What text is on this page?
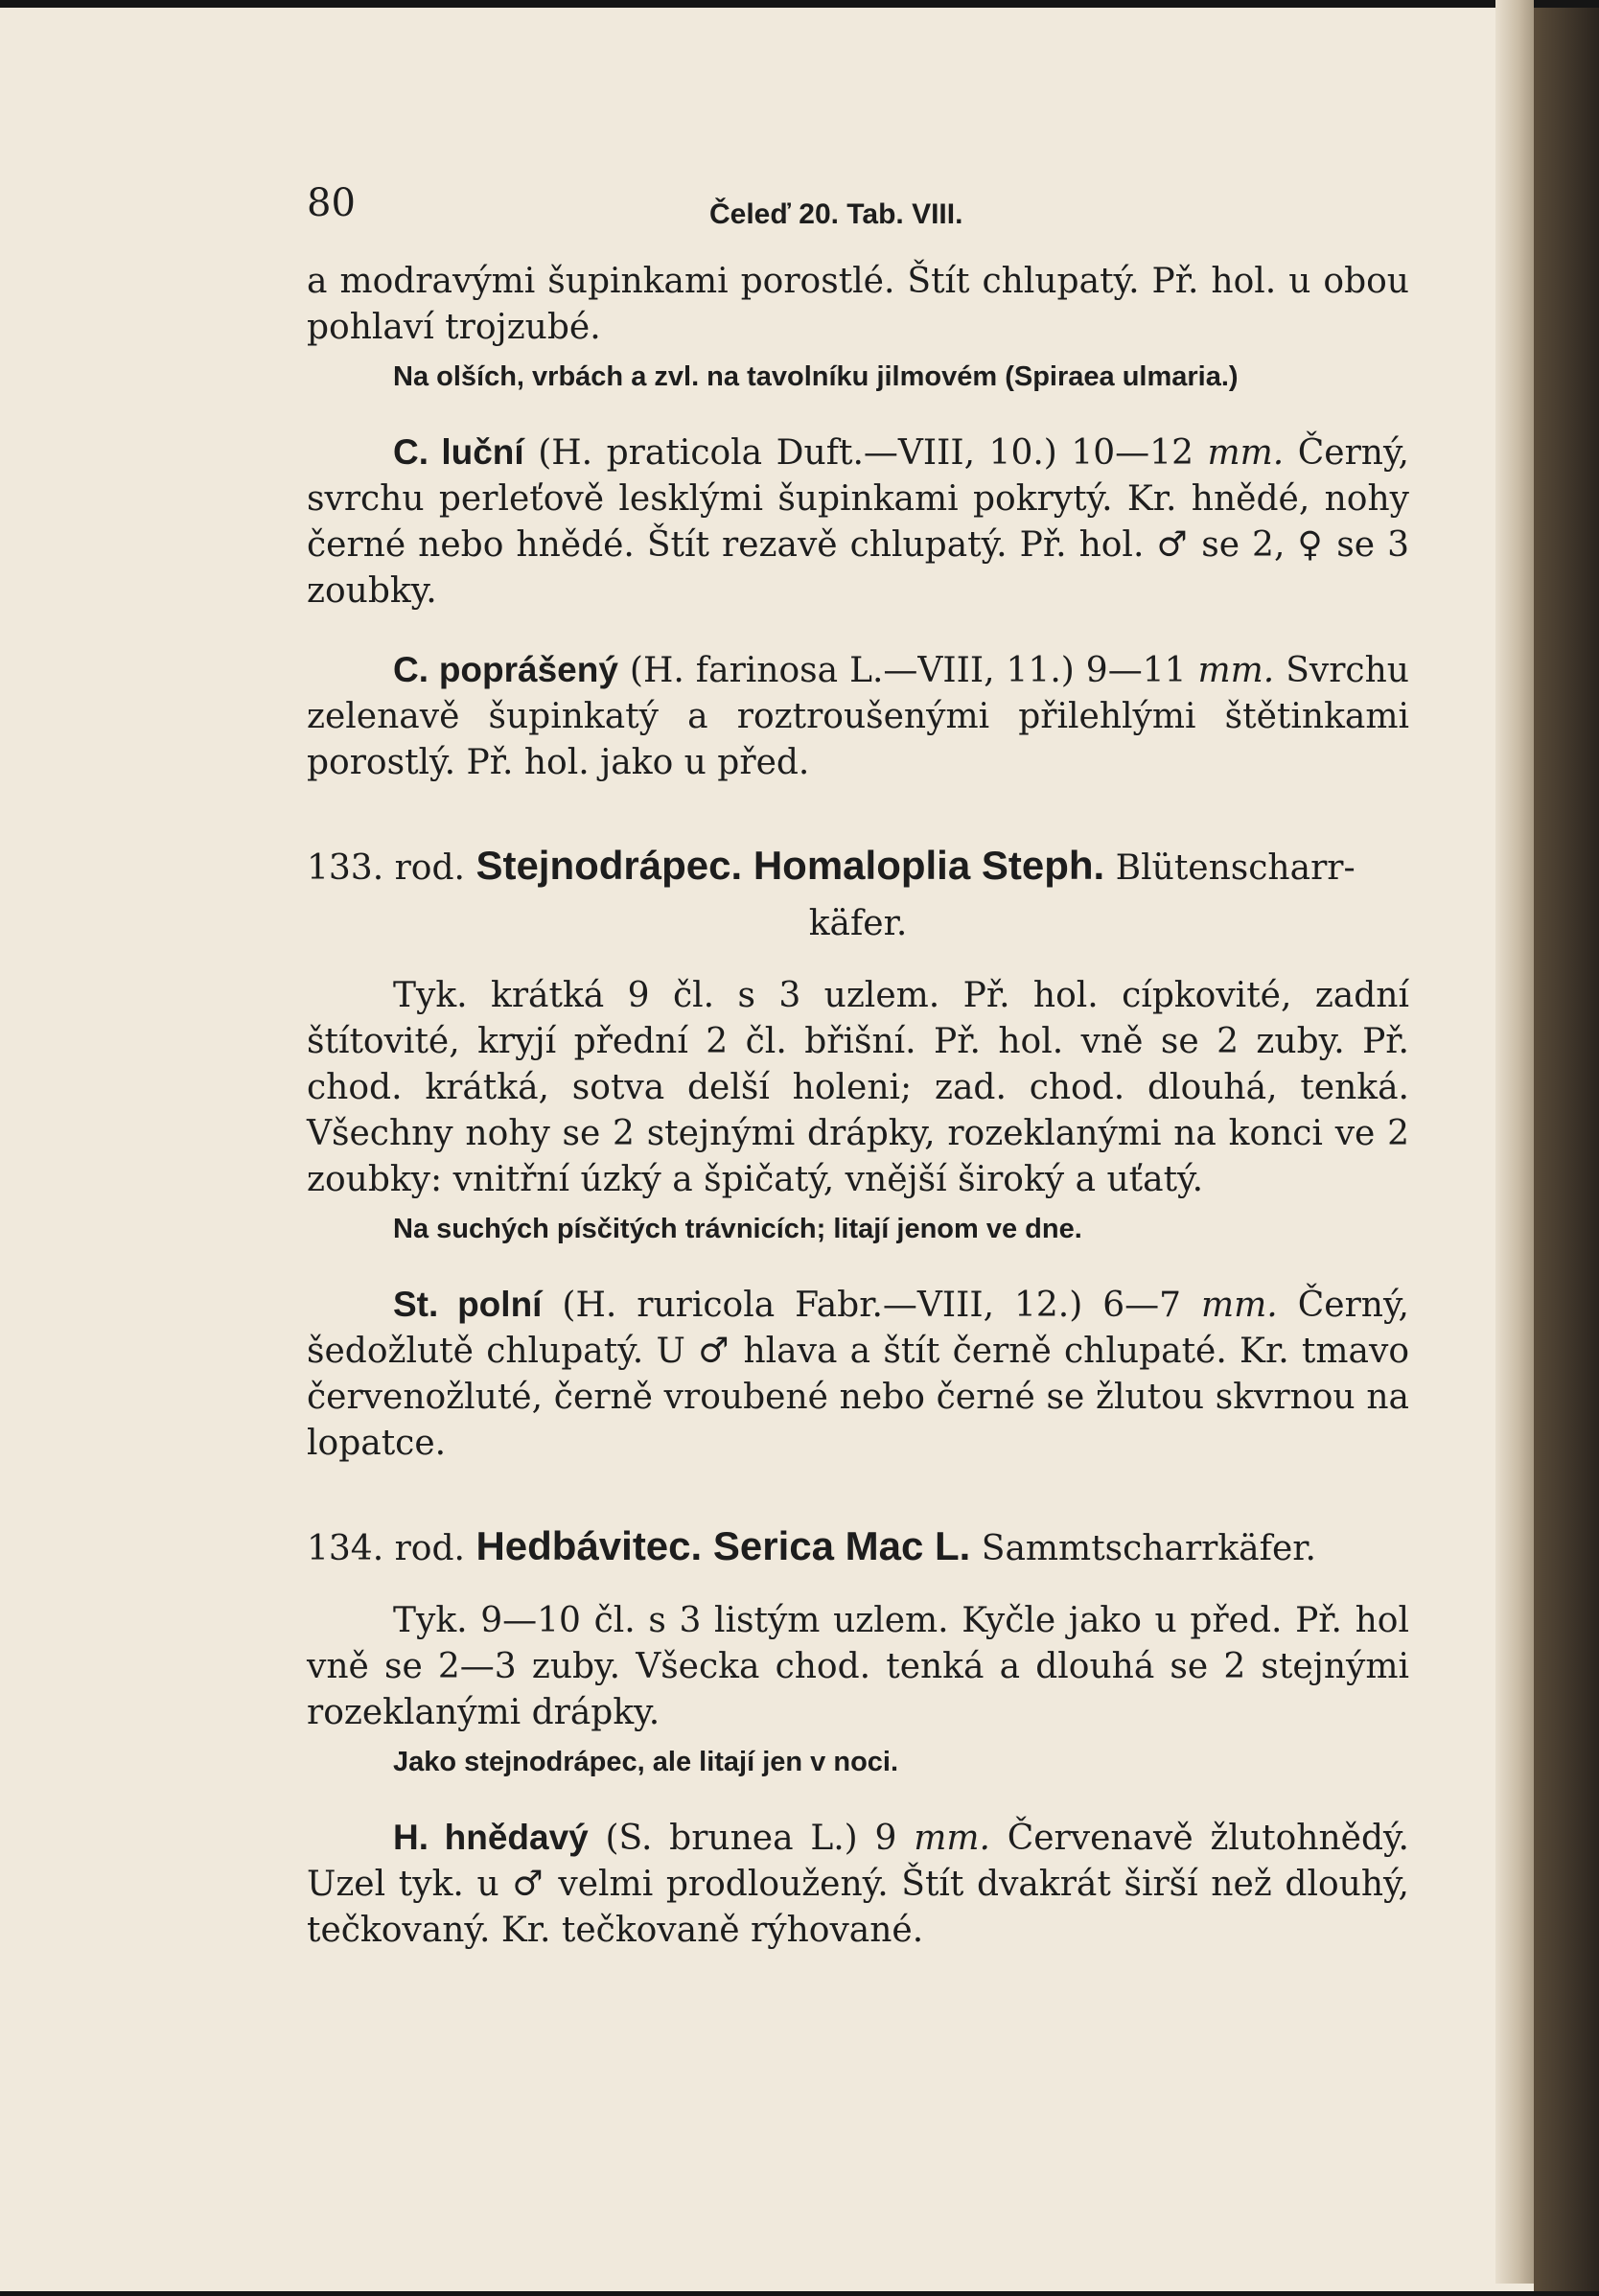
80	Čeleď 20. Tab. VIII.

a modravými šupinkami porostlé. Štít chlupatý. Př. hol. u obou pohlaví trojzubé.

Na olších, vrbách a zvl. na tavolníku jilmovém (Spiraea ulmaria.)

C. luční (H. praticola Duft.—VIII, 10.) 10—12 mm. Černý, svrchu perleťově lesklými šupinkami pokrytý. Kr. hnědé, nohy černé nebo hnědé. Štít rezavě chlupatý. Př. hol. ♂ se 2, ♀ se 3 zoubky.

C. poprášený (H. farinosa L.—VIII, 11.) 9—11 mm. Svrchu zelenavě šupinkatý a roztroušenými přilehlými štětinkami porostlý. Př. hol. jako u před.

133. rod. Stejnodrápec. Homaloplia Steph. Blütenscharr-

käfer.

Tyk. krátká 9 čl. s 3 uzlem. Př. hol. cípkovité, zadní štítovité, kryjí přední 2 čl. břišní. Př. hol. vně se 2 zuby. Př. chod. krátká, sotva delší holeni; zad. chod. dlouhá, tenká. Všechny nohy se 2 stejnými drápky, rozeklanými na konci ve 2 zoubky: vnitřní úzký a špičatý, vnější široký a uťatý.

Na suchých písčitých trávnicích; litají jenom ve dne.

St. polní (H. ruricola Fabr.—VIII, 12.) 6—7 mm. Černý, šedožlutě chlupatý. U ♂ hlava a štít černě chlupaté. Kr. tmavo červenožluté, černě vroubené nebo černé se žlutou skvrnou na lopatce.

134. rod. Hedbávitec. Serica Mac L. Sammtscharrkäfer.

Tyk. 9—10 čl. s 3 listým uzlem. Kyčle jako u před. Př. hol vně se 2—3 zuby. Všecka chod. tenká a dlouhá se 2 stejnými rozeklanými drápky.

Jako stejnodrápec, ale litají jen v noci.

H. hnědavý (S. brunea L.) 9 mm. Červenavě žlutohnědý. Uzel tyk. u ♂ velmi prodloužený. Štít dvakrát širší než dlouhý, tečkovaný. Kr. tečkovaně rýhované.
